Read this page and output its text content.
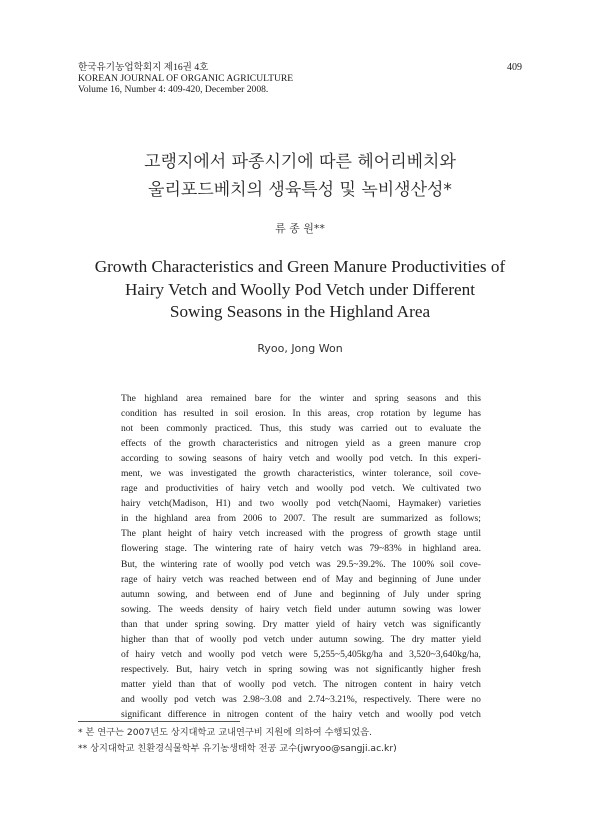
한국유기농업학회지 제16권 4호
KOREAN JOURNAL OF ORGANIC AGRICULTURE
Volume 16, Number 4: 409-420, December 2008.
409
고랭지에서 파종시기에 따른 헤어리베치와
울리포드베치의 생육특성 및 녹비생산성*
류 종 원**
Growth Characteristics and Green Manure Productivities of
Hairy Vetch and Woolly Pod Vetch under Different
Sowing Seasons in the Highland Area
Ryoo, Jong Won
The highland area remained bare for the winter and spring seasons and this
condition has resulted in soil erosion. In this areas, crop rotation by legume has
not been commonly practiced. Thus, this study was carried out to evaluate the
effects of the growth characteristics and nitrogen yield as a green manure crop
according to sowing seasons of hairy vetch and woolly pod vetch. In this experi-
ment, we was investigated the growth characteristics, winter tolerance, soil cove-
rage and productivities of hairy vetch and woolly pod vetch. We cultivated two
hairy vetch(Madison, H1) and two woolly pod vetch(Naomi, Haymaker) varieties
in the highland area from 2006 to 2007. The result are summarized as follows;
The plant height of hairy vetch increased with the progress of growth stage until
flowering stage. The wintering rate of hairy vetch was 79~83% in highland area.
But, the wintering rate of woolly pod vetch was 29.5~39.2%. The 100% soil cove-
rage of hairy vetch was reached between end of May and beginning of June under
autumn sowing, and between end of June and beginning of July under spring
sowing. The weeds density of hairy vetch field under autumn sowing was lower
than that under spring sowing. Dry matter yield of hairy vetch was significantly
higher than that of woolly pod vetch under autumn sowing. The dry matter yield
of hairy vetch and woolly pod vetch were 5,255~5,405kg/ha and 3,520~3,640kg/ha,
respectively. But, hairy vetch in spring sowing was not significantly higher fresh
matter yield than that of woolly pod vetch. The nitrogen content in hairy vetch
and woolly pod vetch was 2.98~3.08 and 2.74~3.21%, respectively. There were no
significant difference in nitrogen content of the hairy vetch and woolly pod vetch
* 본 연구는 2007년도 상지대학교 교내연구비 지원에 의하여 수행되었음.
** 상지대학교 친환경식물학부 유기농생태학 전공 교수(jwryoo@sangji.ac.kr)
